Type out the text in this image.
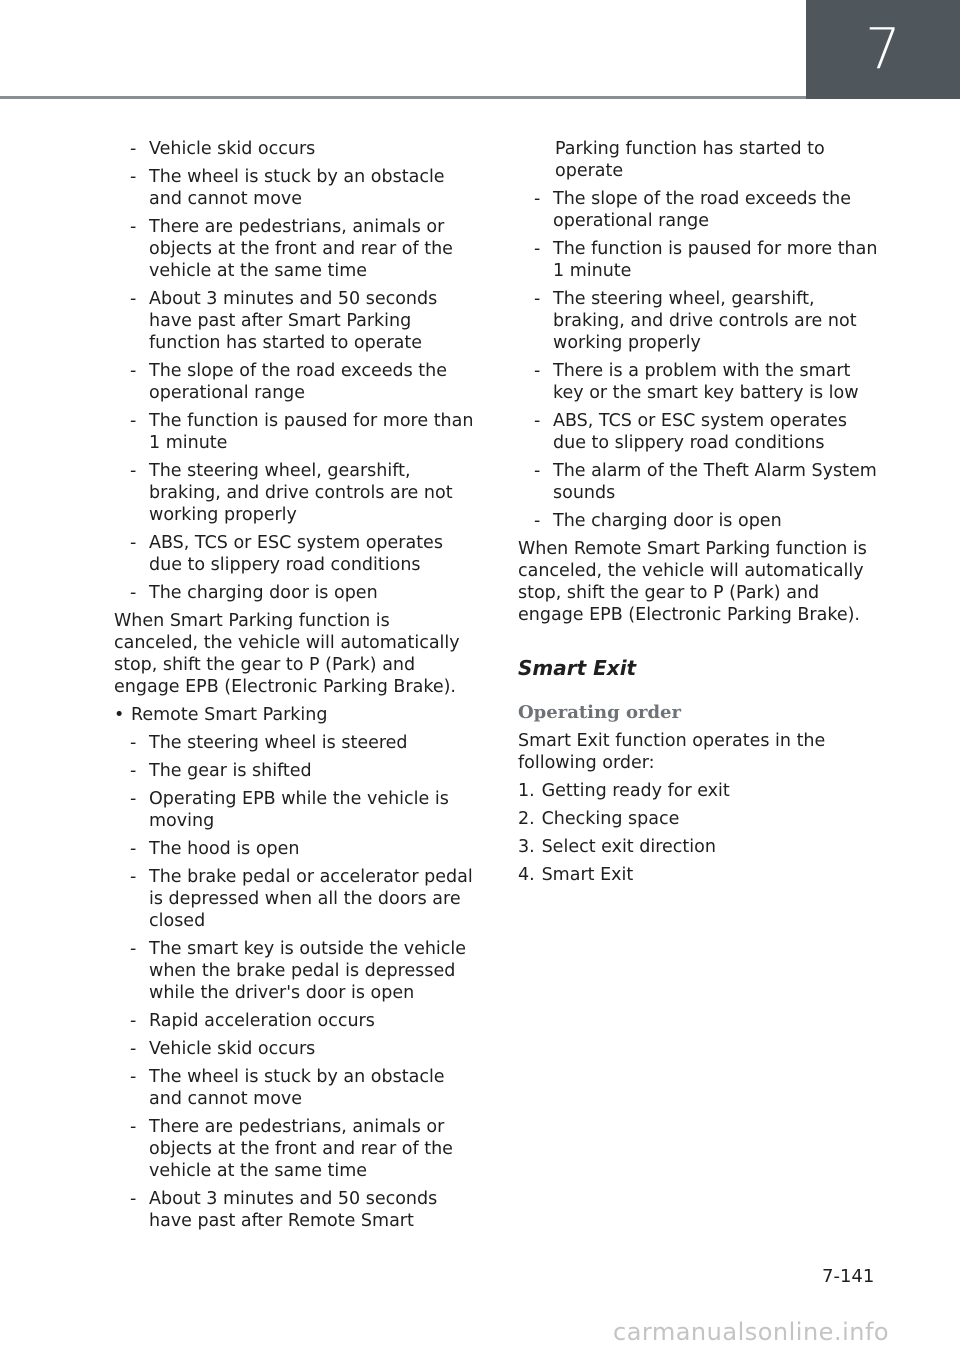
7
- Vehicle skid occurs
- The wheel is stuck by an obstacle and cannot move
- There are pedestrians, animals or objects at the front and rear of the vehicle at the same time
- About 3 minutes and 50 seconds have past after Smart Parking function has started to operate
- The slope of the road exceeds the operational range
- The function is paused for more than 1 minute
- The steering wheel, gearshift, braking, and drive controls are not working properly
- ABS, TCS or ESC system operates due to slippery road conditions
- The charging door is open
When Smart Parking function is canceled, the vehicle will automatically stop, shift the gear to P (Park) and engage EPB (Electronic Parking Brake).
• Remote Smart Parking
- The steering wheel is steered
- The gear is shifted
- Operating EPB while the vehicle is moving
- The hood is open
- The brake pedal or accelerator pedal is depressed when all the doors are closed
- The smart key is outside the vehicle when the brake pedal is depressed while the driver's door is open
- Rapid acceleration occurs
- Vehicle skid occurs
- The wheel is stuck by an obstacle and cannot move
- There are pedestrians, animals or objects at the front and rear of the vehicle at the same time
- About 3 minutes and 50 seconds have past after Remote Smart
Parking function has started to operate
- The slope of the road exceeds the operational range
- The function is paused for more than 1 minute
- The steering wheel, gearshift, braking, and drive controls are not working properly
- There is a problem with the smart key or the smart key battery is low
- ABS, TCS or ESC system operates due to slippery road conditions
- The alarm of the Theft Alarm System sounds
- The charging door is open
When Remote Smart Parking function is canceled, the vehicle will automatically stop, shift the gear to P (Park) and engage EPB (Electronic Parking Brake).
Smart Exit
Operating order
Smart Exit function operates in the following order:
1. Getting ready for exit
2. Checking space
3. Select exit direction
4. Smart Exit
7-141
carmanualsonline.info
